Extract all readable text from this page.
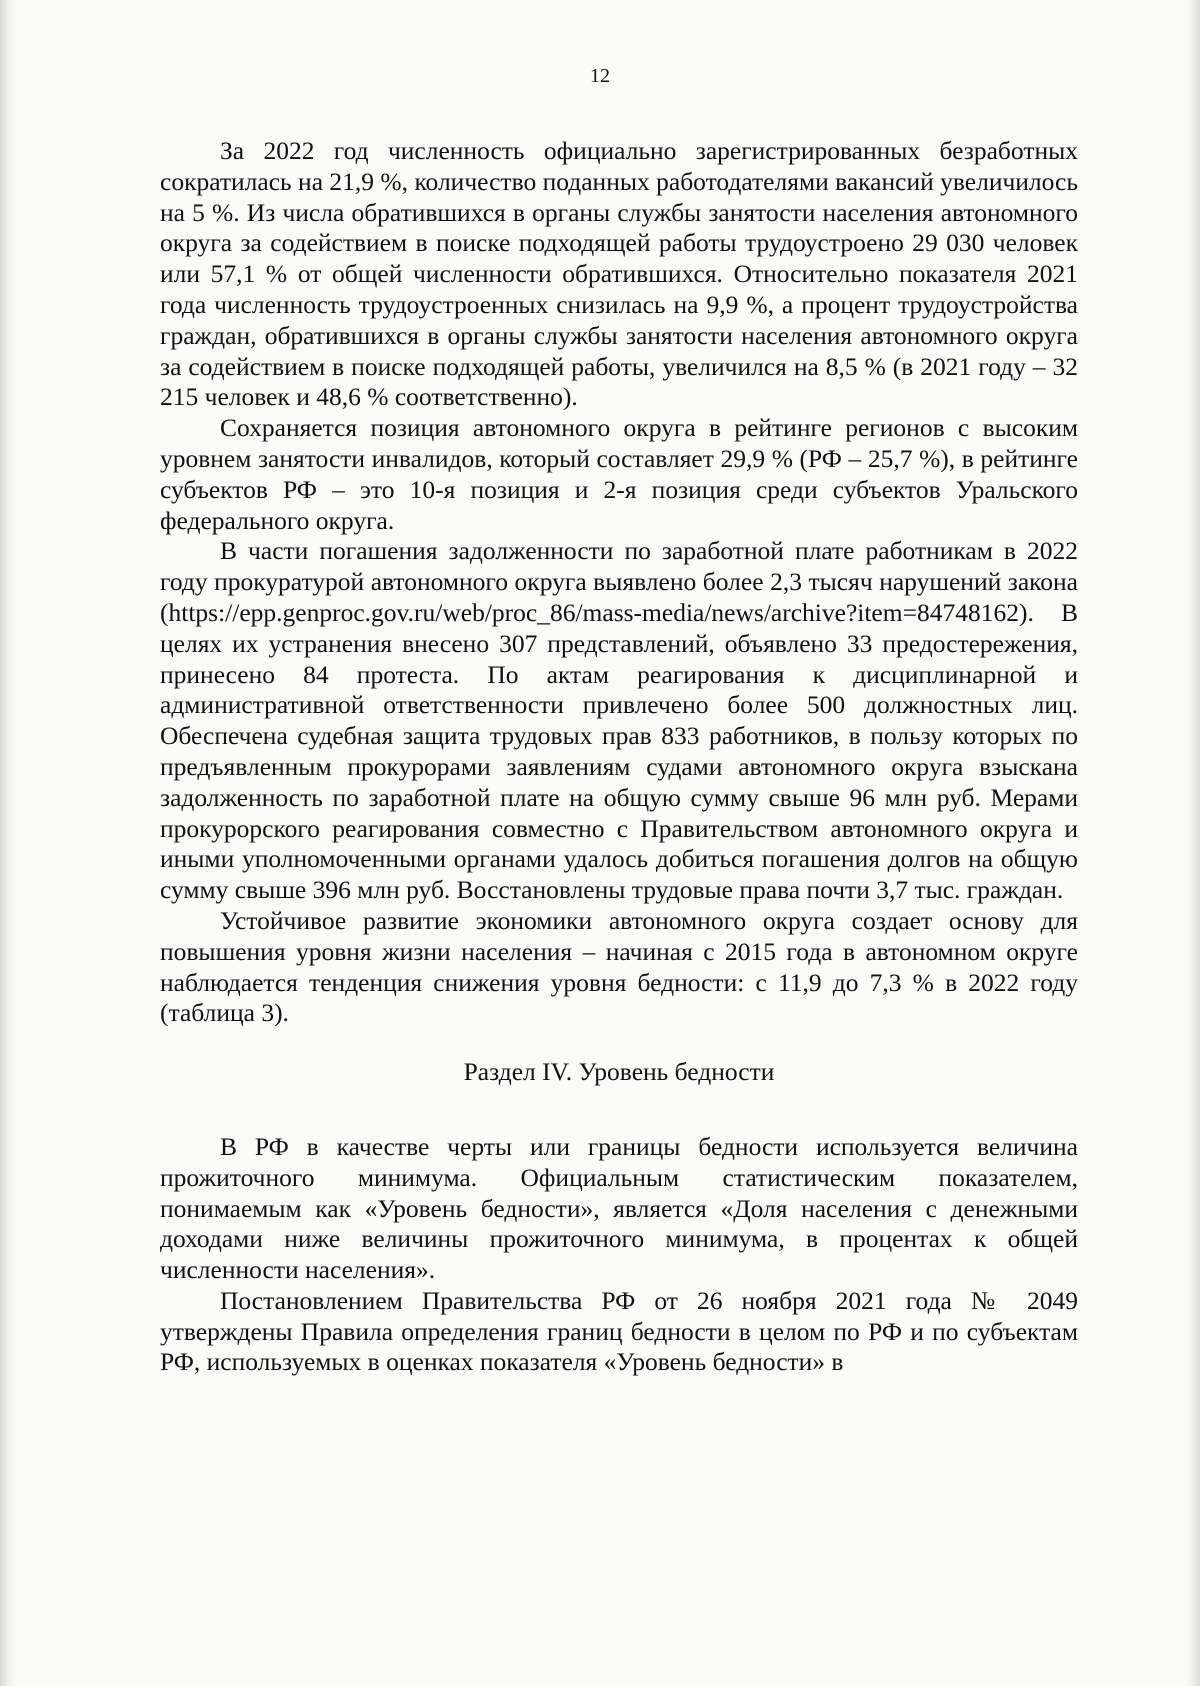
12

За 2022 год численность официально зарегистрированных безработных сократилась на 21,9 %, количество поданных работодателями вакансий увеличилось на 5 %. Из числа обратившихся в органы службы занятости населения автономного округа за содействием в поиске подходящей работы трудоустроено 29 030 человек или 57,1 % от общей численности обратившихся. Относительно показателя 2021 года численность трудоустроенных снизилась на 9,9 %, а процент трудоустройства граждан, обратившихся в органы службы занятости населения автономного округа за содействием в поиске подходящей работы, увеличился на 8,5 % (в 2021 году – 32 215 человек и 48,6 % соответственно).

Сохраняется позиция автономного округа в рейтинге регионов с высоким уровнем занятости инвалидов, который составляет 29,9 % (РФ – 25,7 %), в рейтинге субъектов РФ – это 10-я позиция и 2-я позиция среди субъектов Уральского федерального округа.

В части погашения задолженности по заработной плате работникам в 2022 году прокуратурой автономного округа выявлено более 2,3 тысяч нарушений закона (https://epp.genproc.gov.ru/web/proc_86/mass-media/news/archive?item=84748162). В целях их устранения внесено 307 представлений, объявлено 33 предостережения, принесено 84 протеста. По актам реагирования к дисциплинарной и административной ответственности привлечено более 500 должностных лиц. Обеспечена судебная защита трудовых прав 833 работников, в пользу которых по предъявленным прокурорами заявлениям судами автономного округа взыскана задолженность по заработной плате на общую сумму свыше 96 млн руб. Мерами прокурорского реагирования совместно с Правительством автономного округа и иными уполномоченными органами удалось добиться погашения долгов на общую сумму свыше 396 млн руб. Восстановлены трудовые права почти 3,7 тыс. граждан.

Устойчивое развитие экономики автономного округа создает основу для повышения уровня жизни населения – начиная с 2015 года в автономном округе наблюдается тенденция снижения уровня бедности: с 11,9 до 7,3 % в 2022 году (таблица 3).

Раздел IV. Уровень бедности

В РФ в качестве черты или границы бедности используется величина прожиточного минимума. Официальным статистическим показателем, понимаемым как «Уровень бедности», является «Доля населения с денежными доходами ниже величины прожиточного минимума, в процентах к общей численности населения».

Постановлением Правительства РФ от 26 ноября 2021 года № 2049 утверждены Правила определения границ бедности в целом по РФ и по субъектам РФ, используемых в оценках показателя «Уровень бедности» в
